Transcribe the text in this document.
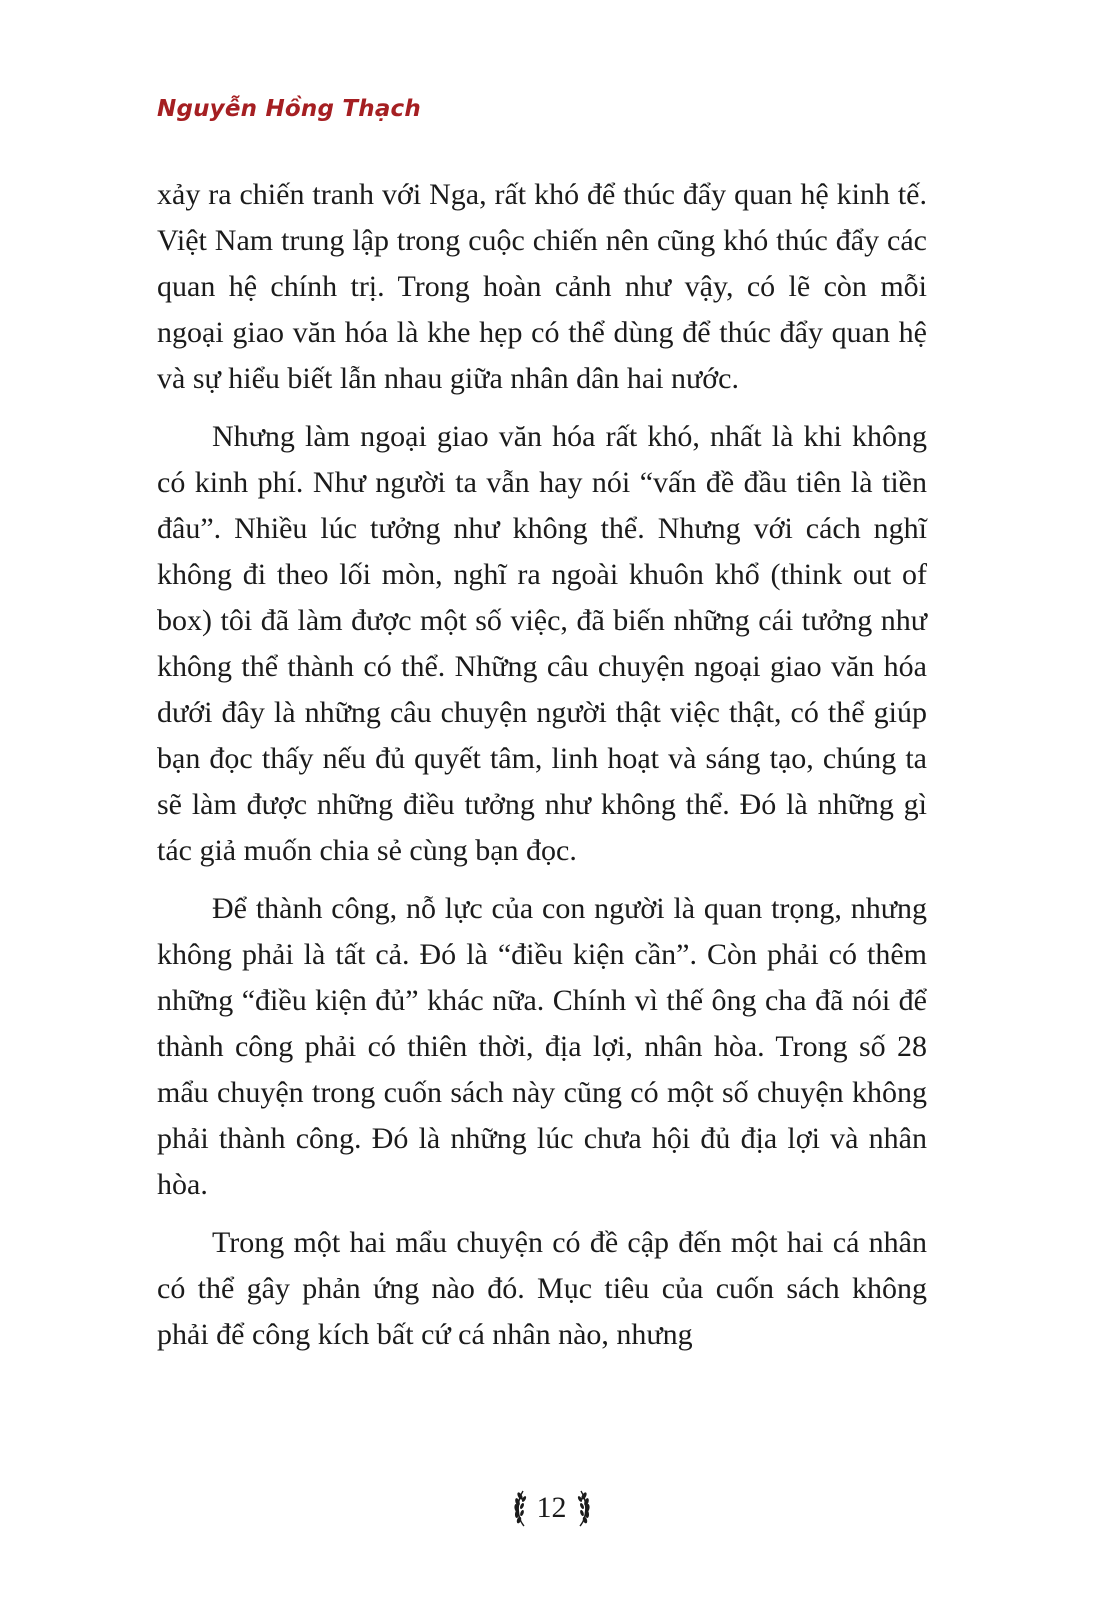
Nguyễn Hồng Thạch

xảy ra chiến tranh với Nga, rất khó để thúc đẩy quan hệ kinh tế. Việt Nam trung lập trong cuộc chiến nên cũng khó thúc đẩy các quan hệ chính trị. Trong hoàn cảnh như vậy, có lẽ còn mỗi ngoại giao văn hóa là khe hẹp có thể dùng để thúc đẩy quan hệ và sự hiểu biết lẫn nhau giữa nhân dân hai nước.

Nhưng làm ngoại giao văn hóa rất khó, nhất là khi không có kinh phí. Như người ta vẫn hay nói “vấn đề đầu tiên là tiền đâu”. Nhiều lúc tưởng như không thể. Nhưng với cách nghĩ không đi theo lối mòn, nghĩ ra ngoài khuôn khổ (think out of box) tôi đã làm được một số việc, đã biến những cái tưởng như không thể thành có thể. Những câu chuyện ngoại giao văn hóa dưới đây là những câu chuyện người thật việc thật, có thể giúp bạn đọc thấy nếu đủ quyết tâm, linh hoạt và sáng tạo, chúng ta sẽ làm được những điều tưởng như không thể. Đó là những gì tác giả muốn chia sẻ cùng bạn đọc.

Để thành công, nỗ lực của con người là quan trọng, nhưng không phải là tất cả. Đó là “điều kiện cần”. Còn phải có thêm những “điều kiện đủ” khác nữa. Chính vì thế ông cha đã nói để thành công phải có thiên thời, địa lợi, nhân hòa. Trong số 28 mẩu chuyện trong cuốn sách này cũng có một số chuyện không phải thành công. Đó là những lúc chưa hội đủ địa lợi và nhân hòa.

Trong một hai mẩu chuyện có đề cập đến một hai cá nhân có thể gây phản ứng nào đó. Mục tiêu của cuốn sách không phải để công kích bất cứ cá nhân nào, nhưng

12
